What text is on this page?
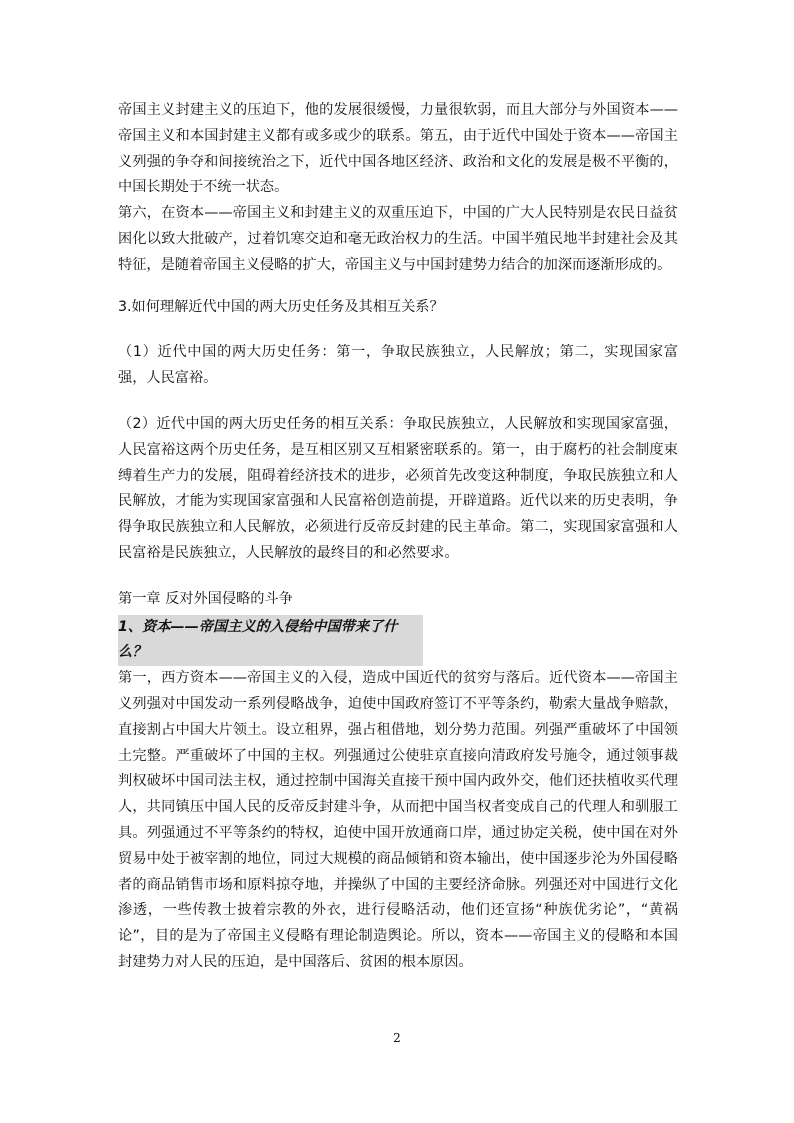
帝国主义封建主义的压迫下，他的发展很缓慢，力量很软弱，而且大部分与外国资本——帝国主义和本国封建主义都有或多或少的联系。第五，由于近代中国处于资本——帝国主义列强的争夺和间接统治之下，近代中国各地区经济、政治和文化的发展是极不平衡的，中国长期处于不统一状态。

第六，在资本——帝国主义和封建主义的双重压迫下，中国的广大人民特别是农民日益贫困化以致大批破产，过着饥寒交迫和毫无政治权力的生活。中国半殖民地半封建社会及其特征，是随着帝国主义侵略的扩大，帝国主义与中国封建势力结合的加深而逐渐形成的。

3.如何理解近代中国的两大历史任务及其相互关系？

（1）近代中国的两大历史任务：第一，争取民族独立，人民解放；第二，实现国家富强，人民富裕。

（2）近代中国的两大历史任务的相互关系：争取民族独立，人民解放和实现国家富强，人民富裕这两个历史任务，是互相区别又互相紧密联系的。第一，由于腐朽的社会制度束缚着生产力的发展，阻碍着经济技术的进步，必须首先改变这种制度，争取民族独立和人民解放，才能为实现国家富强和人民富裕创造前提，开辟道路。近代以来的历史表明，争得争取民族独立和人民解放，必须进行反帝反封建的民主革命。第二，实现国家富强和人民富裕是民族独立，人民解放的最终目的和必然要求。

第一章 反对外国侵略的斗争

1、资本——帝国主义的入侵给中国带来了什么？

第一，西方资本——帝国主义的入侵，造成中国近代的贫穷与落后。近代资本——帝国主义列强对中国发动一系列侵略战争，迫使中国政府签订不平等条约，勒索大量战争赔款，直接割占中国大片领土。设立租界，强占租借地，划分势力范围。列强严重破坏了中国领土完整。严重破坏了中国的主权。列强通过公使驻京直接向清政府发号施令，通过领事裁判权破坏中国司法主权，通过控制中国海关直接干预中国内政外交，他们还扶植收买代理人，共同镇压中国人民的反帝反封建斗争，从而把中国当权者变成自己的代理人和驯服工具。列强通过不平等条约的特权，迫使中国开放通商口岸，通过协定关税，使中国在对外贸易中处于被宰割的地位，同过大规模的商品倾销和资本输出，使中国逐步沦为外国侵略者的商品销售市场和原料掠夺地，并操纵了中国的主要经济命脉。列强还对中国进行文化渗透，一些传教士披着宗教的外衣，进行侵略活动，他们还宣扬“种族优劣论”，“黄祸论”，目的是为了帝国主义侵略有理论制造舆论。所以，资本——帝国主义的侵略和本国封建势力对人民的压迫，是中国落后、贫困的根本原因。

2
